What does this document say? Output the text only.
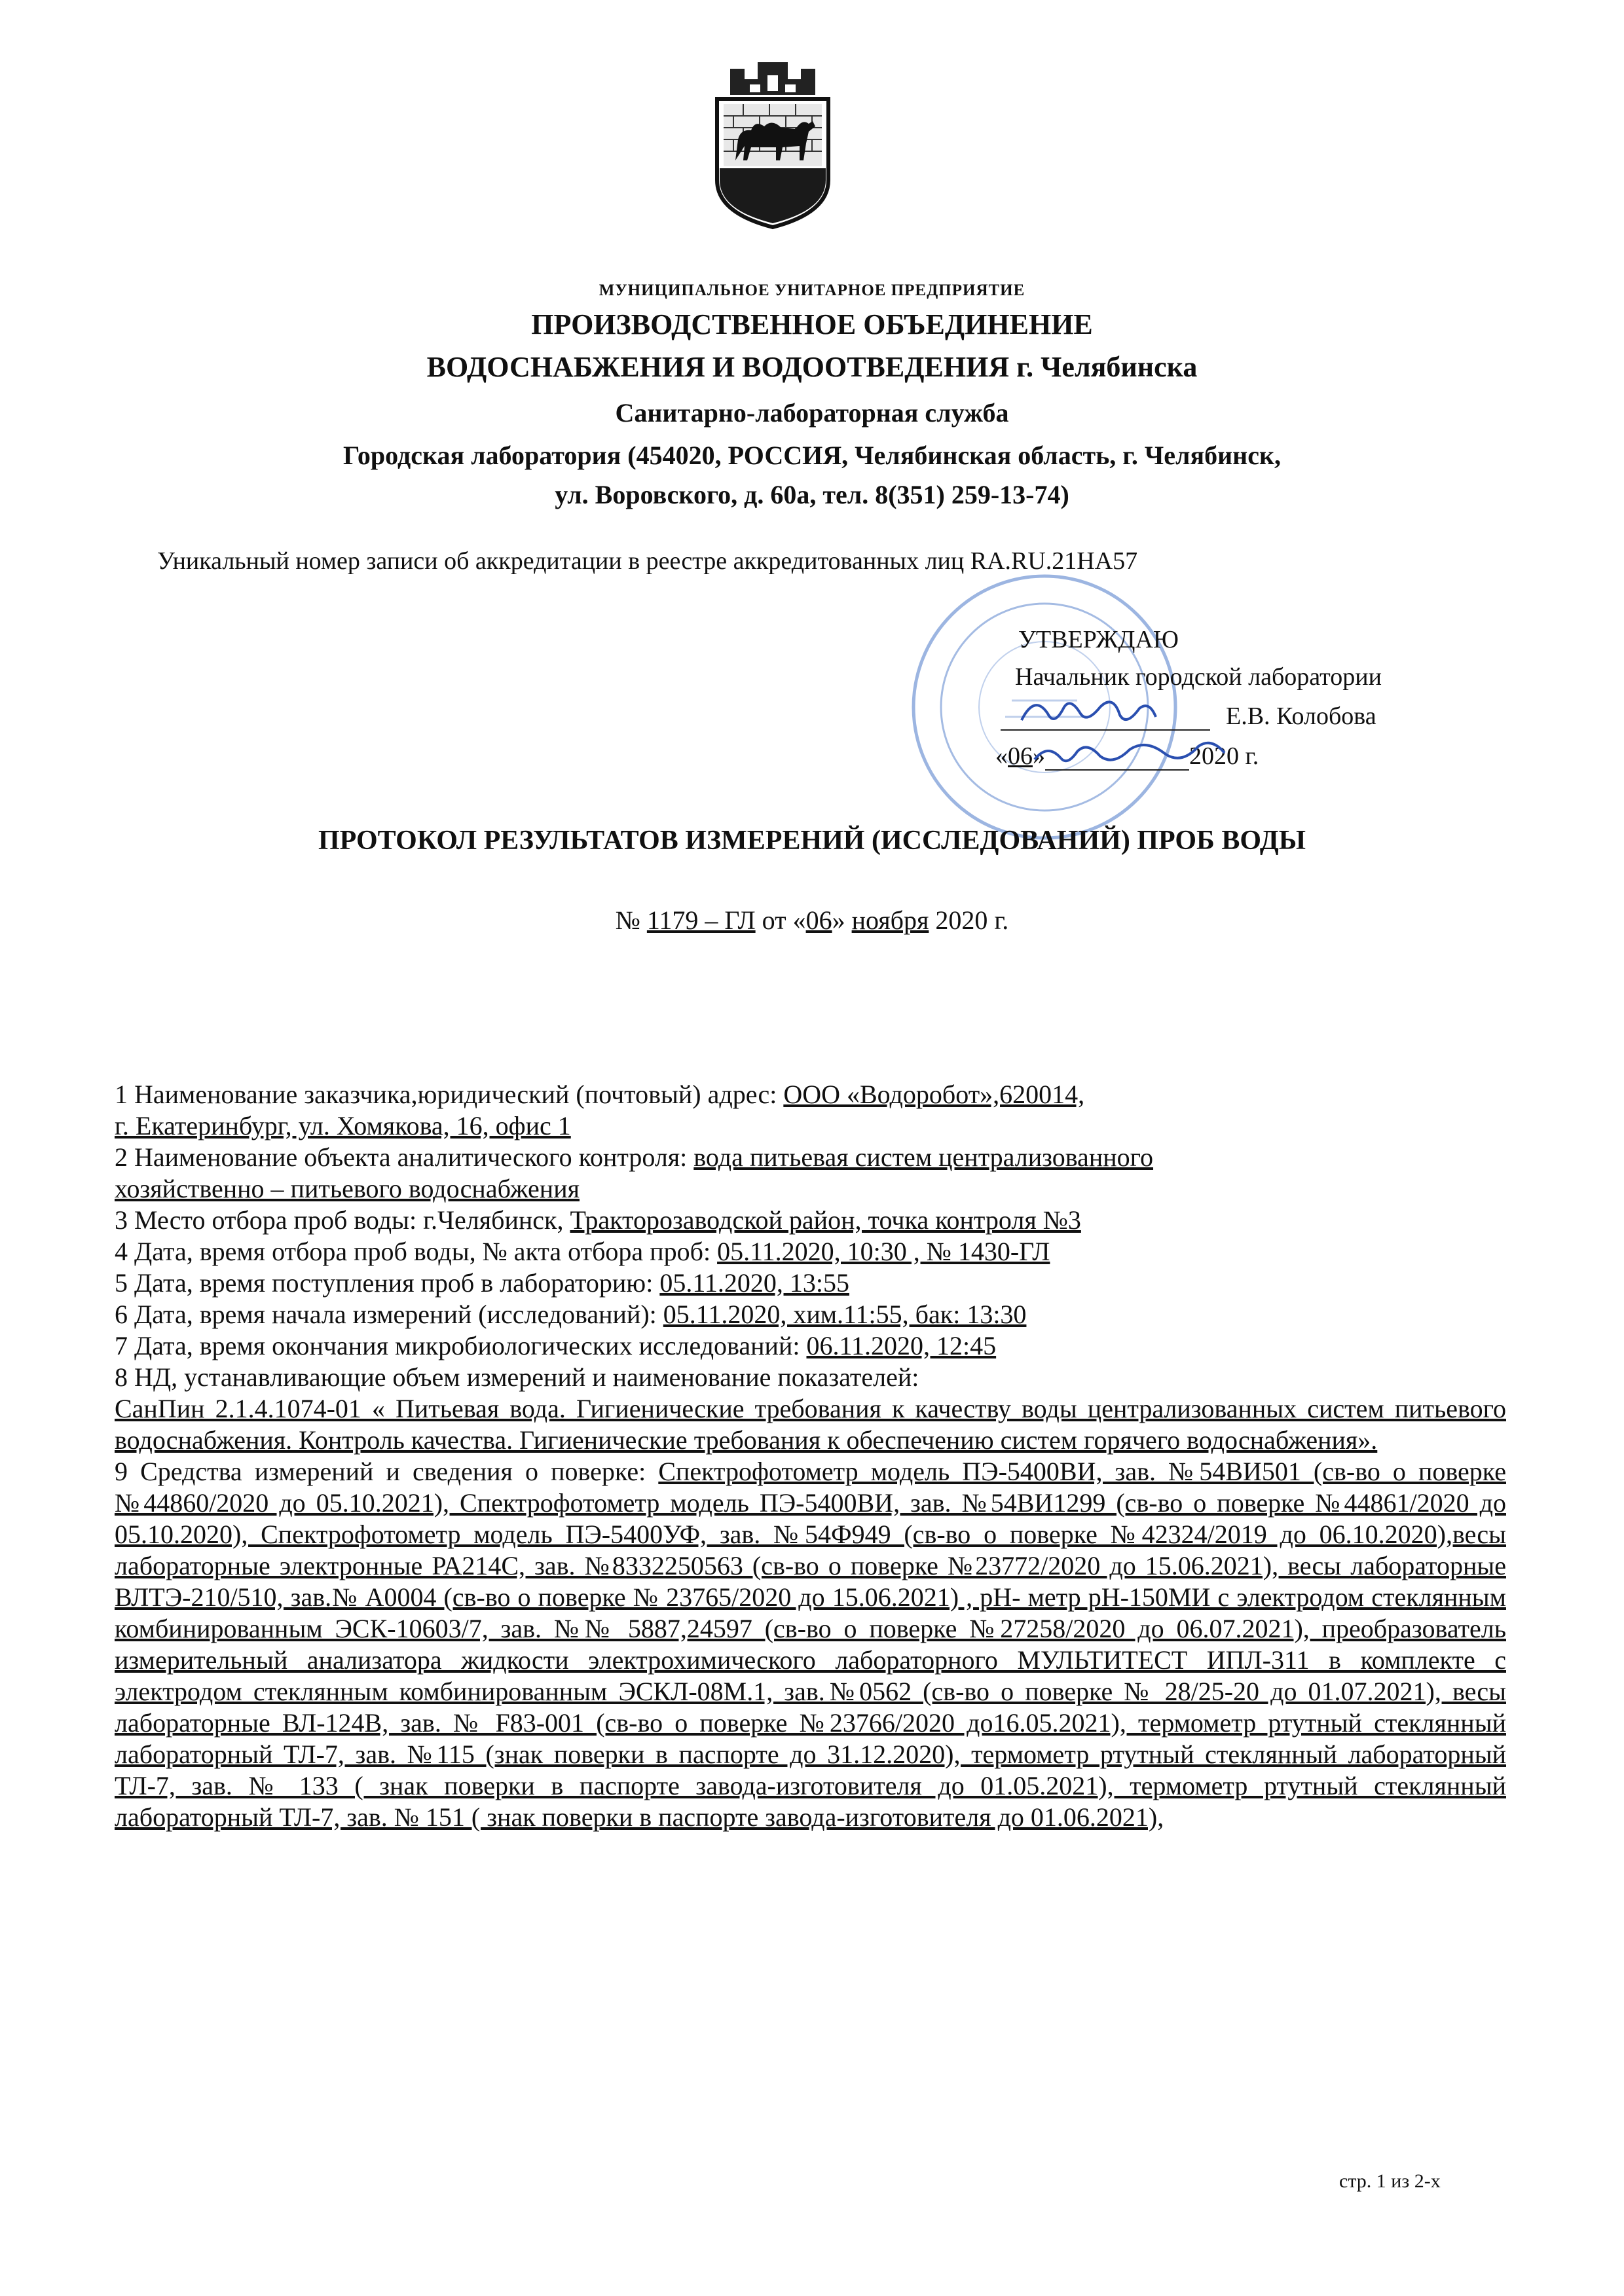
МУНИЦИПАЛЬНОЕ УНИТАРНОЕ ПРЕДПРИЯТИЕ
ПРОИЗВОДСТВЕННОЕ ОБЪЕДИНЕНИЕ
ВОДОСНАБЖЕНИЯ И ВОДООТВЕДЕНИЯ г. Челябинска
Санитарно-лабораторная служба
Городская лаборатория (454020, РОССИЯ, Челябинская область, г. Челябинск,
ул. Воровского, д. 60а, тел. 8(351) 259-13-74)
Уникальный номер записи об аккредитации в реестре аккредитованных лиц RA.RU.21HA57
УТВЕРЖДАЮ
Начальник городской лаборатории
Е.В. Колобова
«06»	2020 г.
ПРОТОКОЛ РЕЗУЛЬТАТОВ ИЗМЕРЕНИЙ (ИССЛЕДОВАНИЙ) ПРОБ ВОДЫ
№ 1179 – ГЛ от «06» ноября 2020 г.
1 Наименование заказчика,юридический (почтовый) адрес: ООО «Водоробот»,620014,
г. Екатеринбург, ул. Хомякова, 16, офис 1
2 Наименование объекта аналитического контроля: вода питьевая систем централизованного
хозяйственно – питьевого водоснабжения
3 Место отбора проб воды: г.Челябинск, Тракторозаводской район, точка контроля №3
4 Дата, время отбора проб воды, № акта отбора проб: 05.11.2020, 10:30 , № 1430-ГЛ
5 Дата, время поступления проб в лабораторию: 05.11.2020, 13:55
6 Дата, время начала измерений (исследований): 05.11.2020, хим.11:55, бак: 13:30
7 Дата, время окончания микробиологических исследований: 06.11.2020, 12:45
8 НД, устанавливающие объем измерений и наименование показателей:
СанПин 2.1.4.1074-01 « Питьевая вода. Гигиенические требования к качеству воды централизованных систем питьевого водоснабжения. Контроль качества. Гигиенические требования к обеспечению систем горячего водоснабжения».
9 Средства измерений и сведения о поверке: Спектрофотометр модель ПЭ-5400ВИ, зав. №54ВИ501 (св-во о поверке №44860/2020 до 05.10.2021), Спектрофотометр модель ПЭ-5400ВИ, зав. №54ВИ1299 (св-во о поверке №44861/2020 до 05.10.2020), Спектрофотометр модель ПЭ-5400УФ, зав. №54Ф949 (св-во о поверке №42324/2019 до 06.10.2020),весы лабораторные электронные РА214С, зав. №8332250563 (св-во о поверке №23772/2020 до 15.06.2021), весы лабораторные ВЛТЭ-210/510, зав.№ А0004 (св-во о поверке № 23765/2020 до 15.06.2021) , рН- метр рН-150МИ с электродом стеклянным комбинированным ЭСК-10603/7, зав. №№ 5887,24597 (св-во о поверке №27258/2020 до 06.07.2021), преобразователь измерительный анализатора жидкости электрохимического лабораторного МУЛЬТИТЕСТ ИПЛ-311 в комплекте с электродом стеклянным комбинированным ЭСКЛ-08М.1, зав.№0562 (св-во о поверке № 28/25-20 до 01.07.2021), весы лабораторные ВЛ-124В, зав. № F83-001 (св-во о поверке №23766/2020 до16.05.2021), термометр ртутный стеклянный лабораторный ТЛ-7, зав. №115 (знак поверки в паспорте до 31.12.2020), термометр ртутный стеклянный лабораторный ТЛ-7, зав. № 133 ( знак поверки в паспорте завода-изготовителя до 01.05.2021), термометр ртутный стеклянный лабораторный ТЛ-7, зав. № 151 ( знак поверки в паспорте завода-изготовителя до 01.06.2021),
стр. 1 из 2-х
